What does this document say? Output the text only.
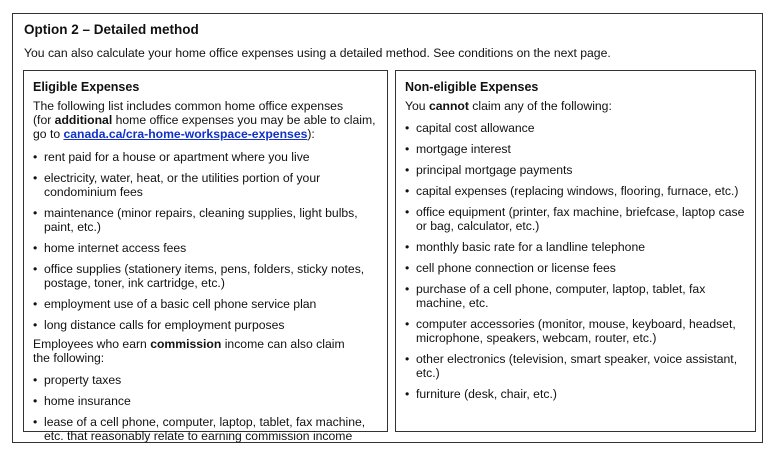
Option 2 – Detailed method
You can also calculate your home office expenses using a detailed method. See conditions on the next page.
Eligible Expenses

The following list includes common home office expenses
(for additional home office expenses you may be able to claim,
go to canada.ca/cra-home-workspace-expenses):

• rent paid for a house or apartment where you live
• electricity, water, heat, or the utilities portion of your condominium fees
• maintenance (minor repairs, cleaning supplies, light bulbs, paint, etc.)
• home internet access fees
• office supplies (stationery items, pens, folders, sticky notes, postage, toner, ink cartridge, etc.)
• employment use of a basic cell phone service plan
• long distance calls for employment purposes

Employees who earn commission income can also claim
the following:

• property taxes
• home insurance
• lease of a cell phone, computer, laptop, tablet, fax machine, etc. that reasonably relate to earning commission income
Non-eligible Expenses

You cannot claim any of the following:

• capital cost allowance
• mortgage interest
• principal mortgage payments
• capital expenses (replacing windows, flooring, furnace, etc.)
• office equipment (printer, fax machine, briefcase, laptop case or bag, calculator, etc.)
• monthly basic rate for a landline telephone
• cell phone connection or license fees
• purchase of a cell phone, computer, laptop, tablet, fax machine, etc.
• computer accessories (monitor, mouse, keyboard, headset, microphone, speakers, webcam, router, etc.)
• other electronics (television, smart speaker, voice assistant, etc.)
• furniture (desk, chair, etc.)
